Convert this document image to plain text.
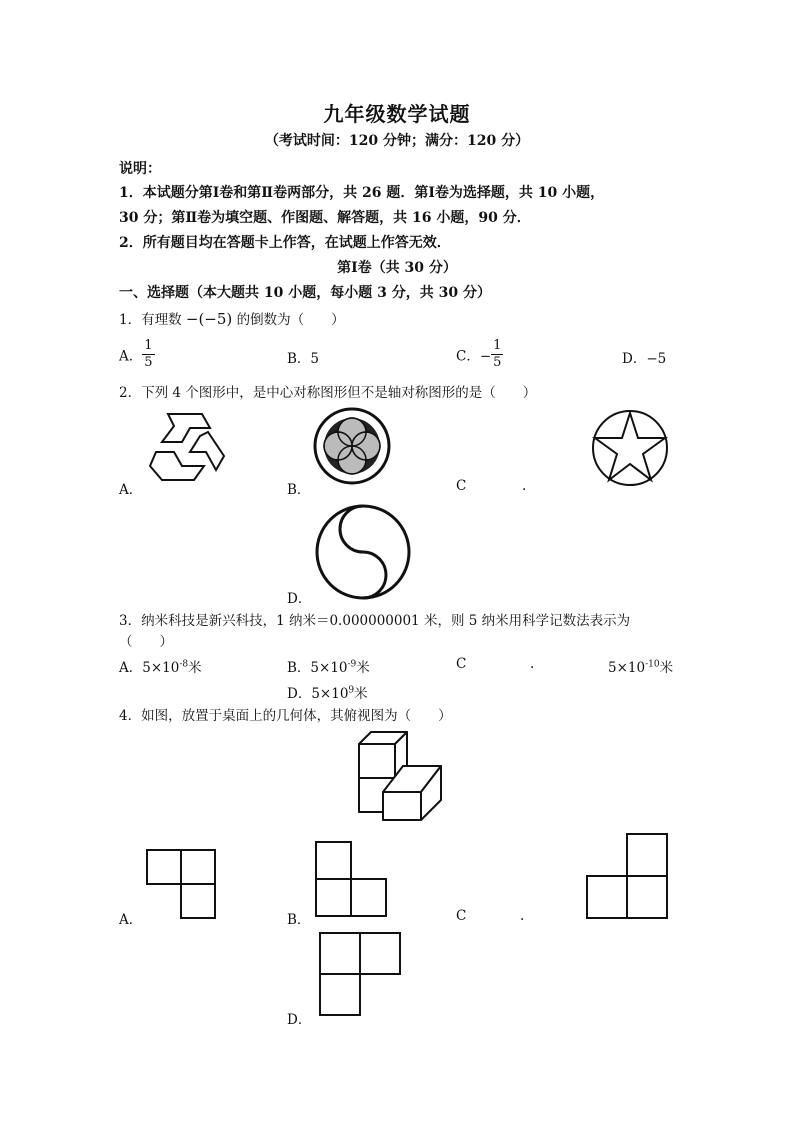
九年级数学试题
（考试时间：120 分钟；满分：120 分）
说明：
1．本试题分第Ⅰ卷和第Ⅱ卷两部分，共 26 题．第Ⅰ卷为选择题，共 10 小题，
30 分；第Ⅱ卷为填空题、作图题、解答题，共 16 小题，90 分．
2．所有题目均在答题卡上作答，在试题上作答无效．
第Ⅰ卷（共 30 分）
一、选择题（本大题共 10 小题，每小题 3 分，共 30 分）
1．有理数 −(−5) 的倒数为（　　）
A． $\frac{1}{5}$	B．5	C．− $\frac{1}{5}$	D．−5
2．下列 4 个图形中，是中心对称图形但不是轴对称图形的是（　　）
A．	B．	C	.
D．
3．纳米科技是新兴科技，1 纳米＝0.000000001 米，则 5 纳米用科学记数法表示为
（　　）
A．$5\times 10^{-8}$米	B．$5\times 10^{-9}$米	C	.	$5\times 10^{-10}$米
D．$5\times 10^9$米
4．如图，放置于桌面上的几何体，其俯视图为（　　）
A．	B．	C	.
D．
